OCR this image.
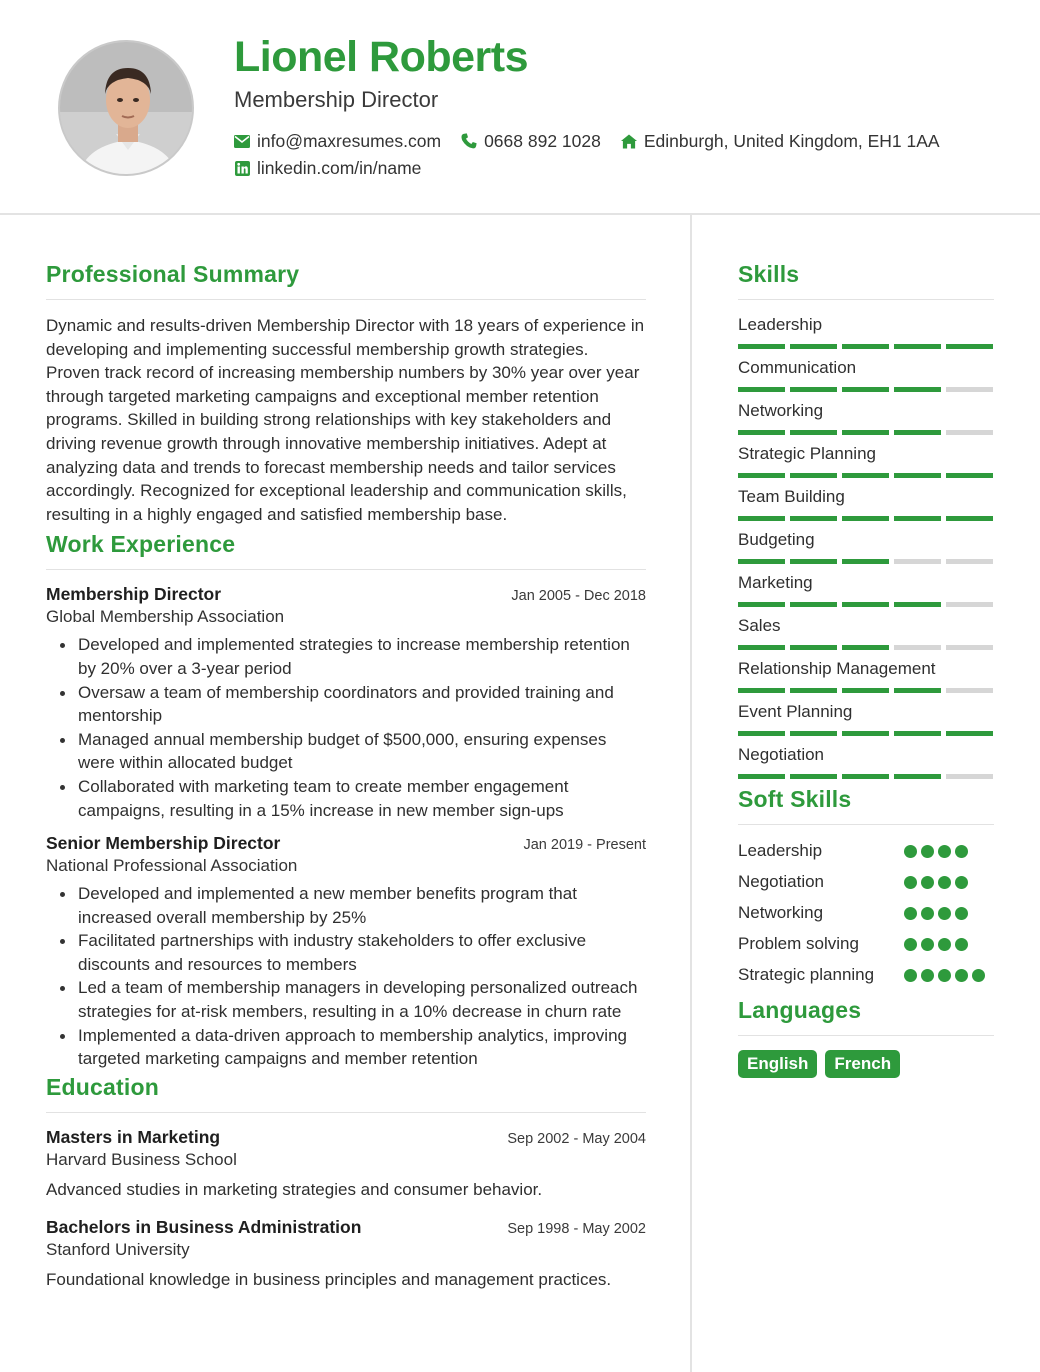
Lionel Roberts
Membership Director
info@maxresumes.com 0668 892 1028 Edinburgh, United Kingdom, EH1 1AA
linkedin.com/in/name
Professional Summary

Dynamic and results-driven Membership Director with 18 years of experience in developing and implementing successful membership growth strategies. Proven track record of increasing membership numbers by 30% year over year through targeted marketing campaigns and exceptional member retention programs. Skilled in building strong relationships with key stakeholders and driving revenue growth through innovative membership initiatives. Adept at analyzing data and trends to forecast membership needs and tailor services accordingly. Recognized for exceptional leadership and communication skills, resulting in a highly engaged and satisfied membership base.

Work Experience
Membership Director	Jan 2005 - Dec 2018
Global Membership Association
Developed and implemented strategies to increase membership retention by 20% over a 3-year period
Oversaw a team of membership coordinators and provided training and mentorship
Managed annual membership budget of $500,000, ensuring expenses were within allocated budget
Collaborated with marketing team to create member engagement campaigns, resulting in a 15% increase in new member sign-ups
Senior Membership Director	Jan 2019 - Present
National Professional Association
Developed and implemented a new member benefits program that increased overall membership by 25%
Facilitated partnerships with industry stakeholders to offer exclusive discounts and resources to members
Led a team of membership managers in developing personalized outreach strategies for at-risk members, resulting in a 10% decrease in churn rate
Implemented a data-driven approach to membership analytics, improving targeted marketing campaigns and member retention
Education
Masters in Marketing	Sep 2002 - May 2004
Harvard Business School
Advanced studies in marketing strategies and consumer behavior.
Bachelors in Business Administration	Sep 1998 - May 2002
Stanford University
Foundational knowledge in business principles and management practices.
Skills
Leadership
Communication
Networking
Strategic Planning
Team Building
Budgeting
Marketing
Sales
Relationship Management
Event Planning
Negotiation
Soft Skills
Leadership
Negotiation
Networking
Problem solving
Strategic planning
Languages
English	French
